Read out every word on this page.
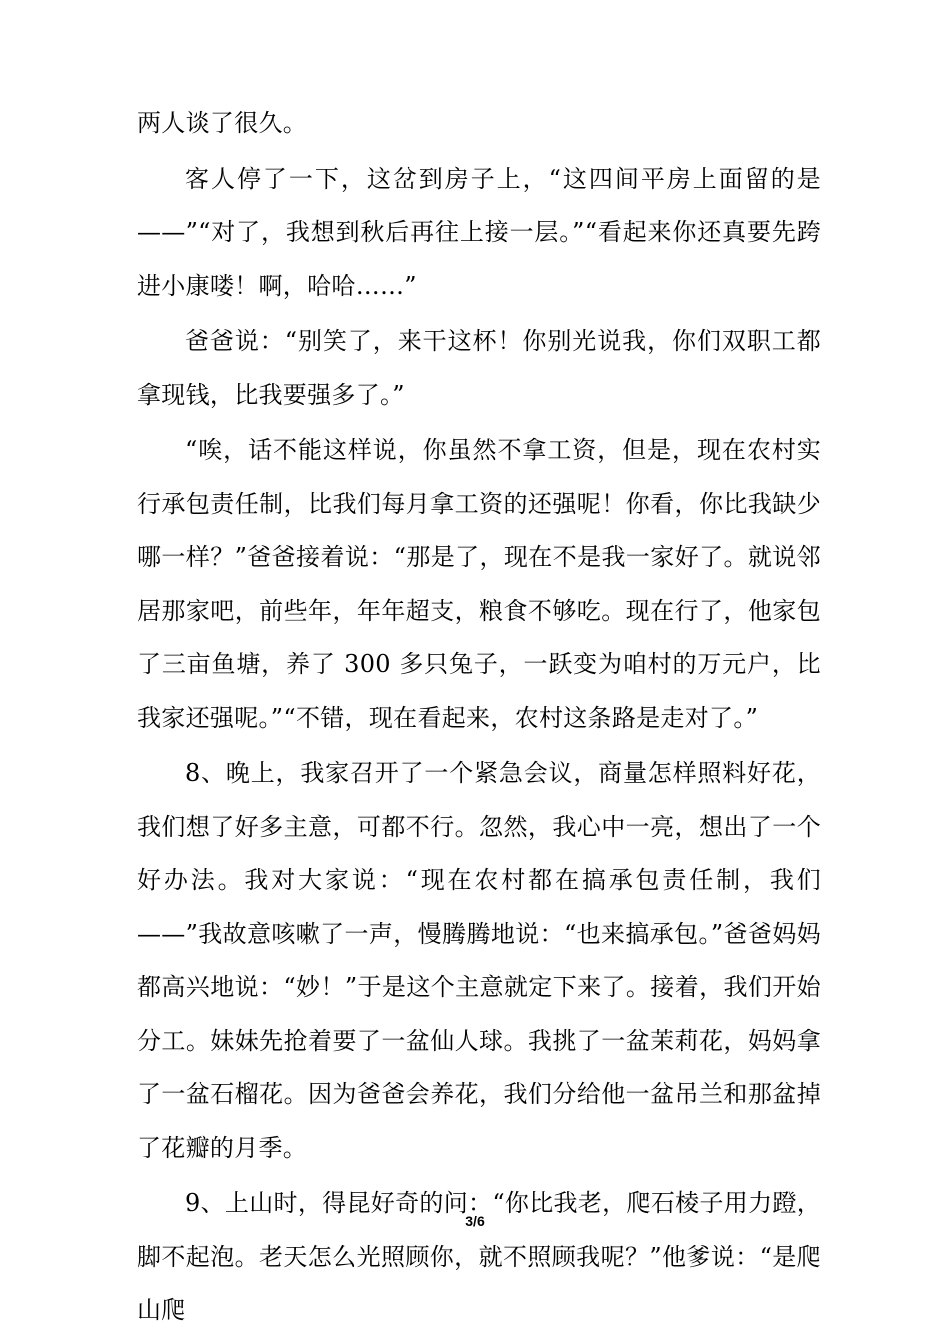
两人谈了很久。

客人停了一下，这岔到房子上，“这四间平房上面留的是——”“对了，我想到秋后再往上接一层。”“看起来你还真要先跨进小康喽！啊，哈哈……”

爸爸说：“别笑了，来干这杯！你别光说我，你们双职工都拿现钱，比我要强多了。”

“唉，话不能这样说，你虽然不拿工资，但是，现在农村实行承包责任制，比我们每月拿工资的还强呢！你看，你比我缺少哪一样？”爸爸接着说：“那是了，现在不是我一家好了。就说邻居那家吧，前些年，年年超支，粮食不够吃。现在行了，他家包了三亩鱼塘，养了 300 多只兔子，一跃变为咱村的万元户，比我家还强呢。”“不错，现在看起来，农村这条路是走对了。”

8、晚上，我家召开了一个紧急会议，商量怎样照料好花，我们想了好多主意，可都不行。忽然，我心中一亮，想出了一个好办法。我对大家说：“现在农村都在搞承包责任制，我们——”我故意咳嗽了一声，慢腾腾地说：“也来搞承包。”爸爸妈妈都高兴地说：“妙！”于是这个主意就定下来了。接着，我们开始分工。妹妹先抢着要了一盆仙人球。我挑了一盆茉莉花，妈妈拿了一盆石榴花。因为爸爸会养花，我们分给他一盆吊兰和那盆掉了花瓣的月季。

9、上山时，得昆好奇的问：“你比我老，爬石棱子用力蹬，脚不起泡。老天怎么光照顾你，就不照顾我呢？”他爹说：“是爬山爬

3/6
